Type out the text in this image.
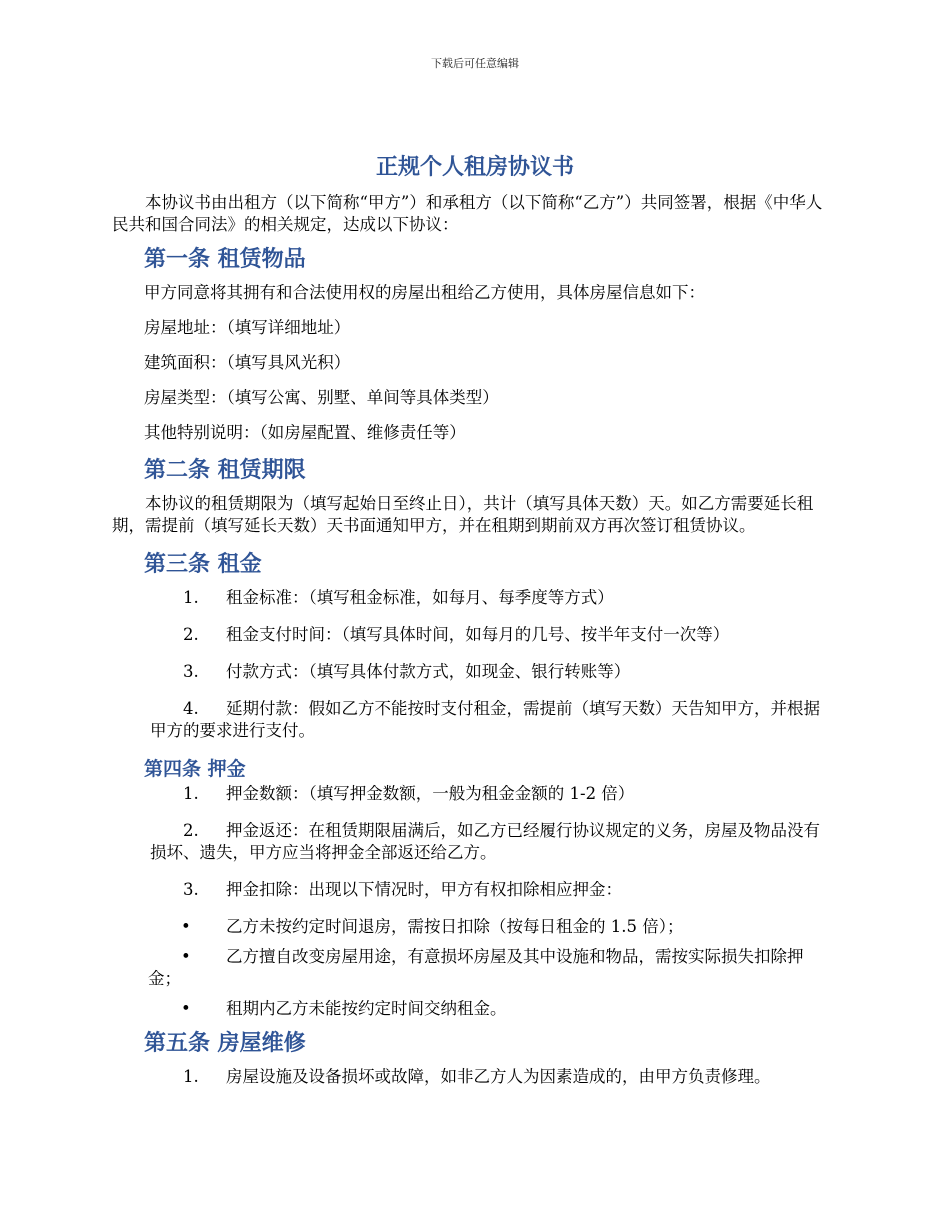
下载后可任意编辑
正规个人租房协议书

本协议书由出租方（以下简称“甲方”）和承租方（以下简称“乙方”）共同签署，根据《中华人民共和国合同法》的相关规定，达成以下协议：

第一条 租赁物品

甲方同意将其拥有和合法使用权的房屋出租给乙方使用，具体房屋信息如下：

房屋地址：（填写详细地址）

建筑面积：（填写具风光积）

房屋类型：（填写公寓、别墅、单间等具体类型）

其他特别说明：（如房屋配置、维修责任等）

第二条 租赁期限

本协议的租赁期限为（填写起始日至终止日），共计（填写具体天数）天。如乙方需要延长租期，需提前（填写延长天数）天书面通知甲方，并在租期到期前双方再次签订租赁协议。

第三条 租金

1. 租金标准：（填写租金标准，如每月、每季度等方式）

2. 租金支付时间：（填写具体时间，如每月的几号、按半年支付一次等）

3. 付款方式：（填写具体付款方式，如现金、银行转账等）

4. 延期付款：假如乙方不能按时支付租金，需提前（填写天数）天告知甲方，并根据甲方的要求进行支付。

第四条 押金

1. 押金数额：（填写押金数额，一般为租金金额的 1-2 倍）

2. 押金返还：在租赁期限届满后，如乙方已经履行协议规定的义务，房屋及物品没有损坏、遗失，甲方应当将押金全部返还给乙方。

3. 押金扣除：出现以下情况时，甲方有权扣除相应押金：

• 乙方未按约定时间退房，需按日扣除（按每日租金的 1.5 倍）；

• 乙方擅自改变房屋用途，有意损坏房屋及其中设施和物品，需按实际损失扣除押金；

• 租期内乙方未能按约定时间交纳租金。

第五条 房屋维修

1. 房屋设施及设备损坏或故障，如非乙方人为因素造成的，由甲方负责修理。
